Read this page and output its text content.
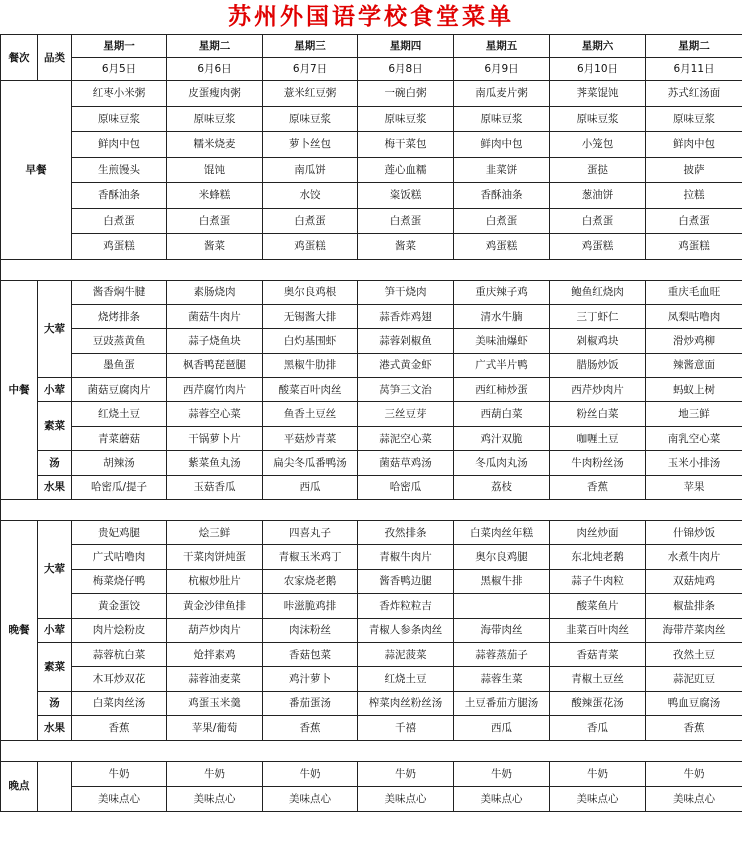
苏州外国语学校食堂菜单
餐次	品类	星期一	星期二	星期三	星期四	星期五	星期六	星期二
		6月5日	6月6日	6月7日	6月8日	6月9日	6月10日	6月11日
早餐		红枣小米粥	皮蛋瘦肉粥	薏米红豆粥	一碗白粥	南瓜麦片粥	荠菜馄饨	苏式红汤面
		原味豆浆	原味豆浆	原味豆浆	原味豆浆	原味豆浆	原味豆浆	原味豆浆
		鲜肉中包	糯米烧麦	萝卜丝包	梅干菜包	鲜肉中包	小笼包	鲜肉中包
		生煎馒头	馄饨	南瓜饼	莲心血糯	韭菜饼	蛋挞	披萨
		香酥油条	米蜂糕	水饺	粢饭糕	香酥油条	葱油饼	拉糕
		白煮蛋	白煮蛋	白煮蛋	白煮蛋	白煮蛋	白煮蛋	白煮蛋
		鸡蛋糕	酱菜	鸡蛋糕	酱菜	鸡蛋糕	鸡蛋糕	鸡蛋糕

中餐	大荤	酱香焖牛腱	素肠烧肉	奥尔良鸡根	笋干烧肉	重庆辣子鸡	鲍鱼红烧肉	重庆毛血旺
		烧烤排条	菌菇牛肉片	无锡酱大排	蒜香炸鸡翅	清水牛腩	三丁虾仁	凤梨咕噜肉
		豆豉蒸黄鱼	蒜子烧鱼块	白灼基围虾	蒜蓉剁椒鱼	美味油爆虾	剁椒鸡块	滑炒鸡柳
		墨鱼蛋	枫香鸭琵琶腿	黑椒牛肋排	港式黄金虾	广式半片鸭	腊肠炒饭	辣酱意面
	小荤	菌菇豆腐肉片	西芹腐竹肉片	酸菜百叶肉丝	莴笋三文治	西红柿炒蛋	西芹炒肉片	蚂蚁上树
	素菜	红烧土豆	蒜蓉空心菜	鱼香土豆丝	三丝豆芽	西葫白菜	粉丝白菜	地三鲜
		青菜蘑菇	干锅萝卜片	平菇炒青菜	蒜泥空心菜	鸡汁双脆	咖喱土豆	南乳空心菜
	汤	胡辣汤	紫菜鱼丸汤	扁尖冬瓜番鸭汤	菌菇草鸡汤	冬瓜肉丸汤	牛肉粉丝汤	玉米小排汤
	水果	哈密瓜/提子	玉菇香瓜	西瓜	哈密瓜	荔枝	香蕉	苹果

晚餐	大荤	贵妃鸡腿	烩三鲜	四喜丸子	孜然排条	白菜肉丝年糕	肉丝炒面	什锦炒饭
		广式咕噜肉	干菜肉饼炖蛋	青椒玉米鸡丁	青椒牛肉片	奥尔良鸡腿	东北炖老鹅	水煮牛肉片
		梅菜烧仔鸭	杭椒炒肚片	农家烧老鹅	酱香鸭边腿	黑椒牛排	蒜子牛肉粒	双菇炖鸡
		黄金蛋饺	黄金沙律鱼排	咔滋脆鸡排	香炸粒粒吉		酸菜鱼片	椒盐排条
	小荤	肉片烩粉皮	葫芦炒肉片	肉沫粉丝	青椒人参条肉丝	海带肉丝	韭菜百叶肉丝	海带芹菜肉丝
	素菜	蒜蓉杭白菜	炝拌素鸡	香菇包菜	蒜泥菠菜	蒜蓉蒸茄子	香菇青菜	孜然土豆
		木耳炒双花	蒜蓉油麦菜	鸡汁萝卜	红烧土豆	蒜蓉生菜	青椒土豆丝	蒜泥豇豆
	汤	白菜肉丝汤	鸡蛋玉米羹	番茄蛋汤	榨菜肉丝粉丝汤	土豆番茄方腿汤	酸辣蛋花汤	鸭血豆腐汤
	水果	香蕉	苹果/葡萄	香蕉	千禧	西瓜	香瓜	香蕉

晚点		牛奶	牛奶	牛奶	牛奶	牛奶	牛奶	牛奶
		美味点心	美味点心	美味点心	美味点心	美味点心	美味点心	美味点心
